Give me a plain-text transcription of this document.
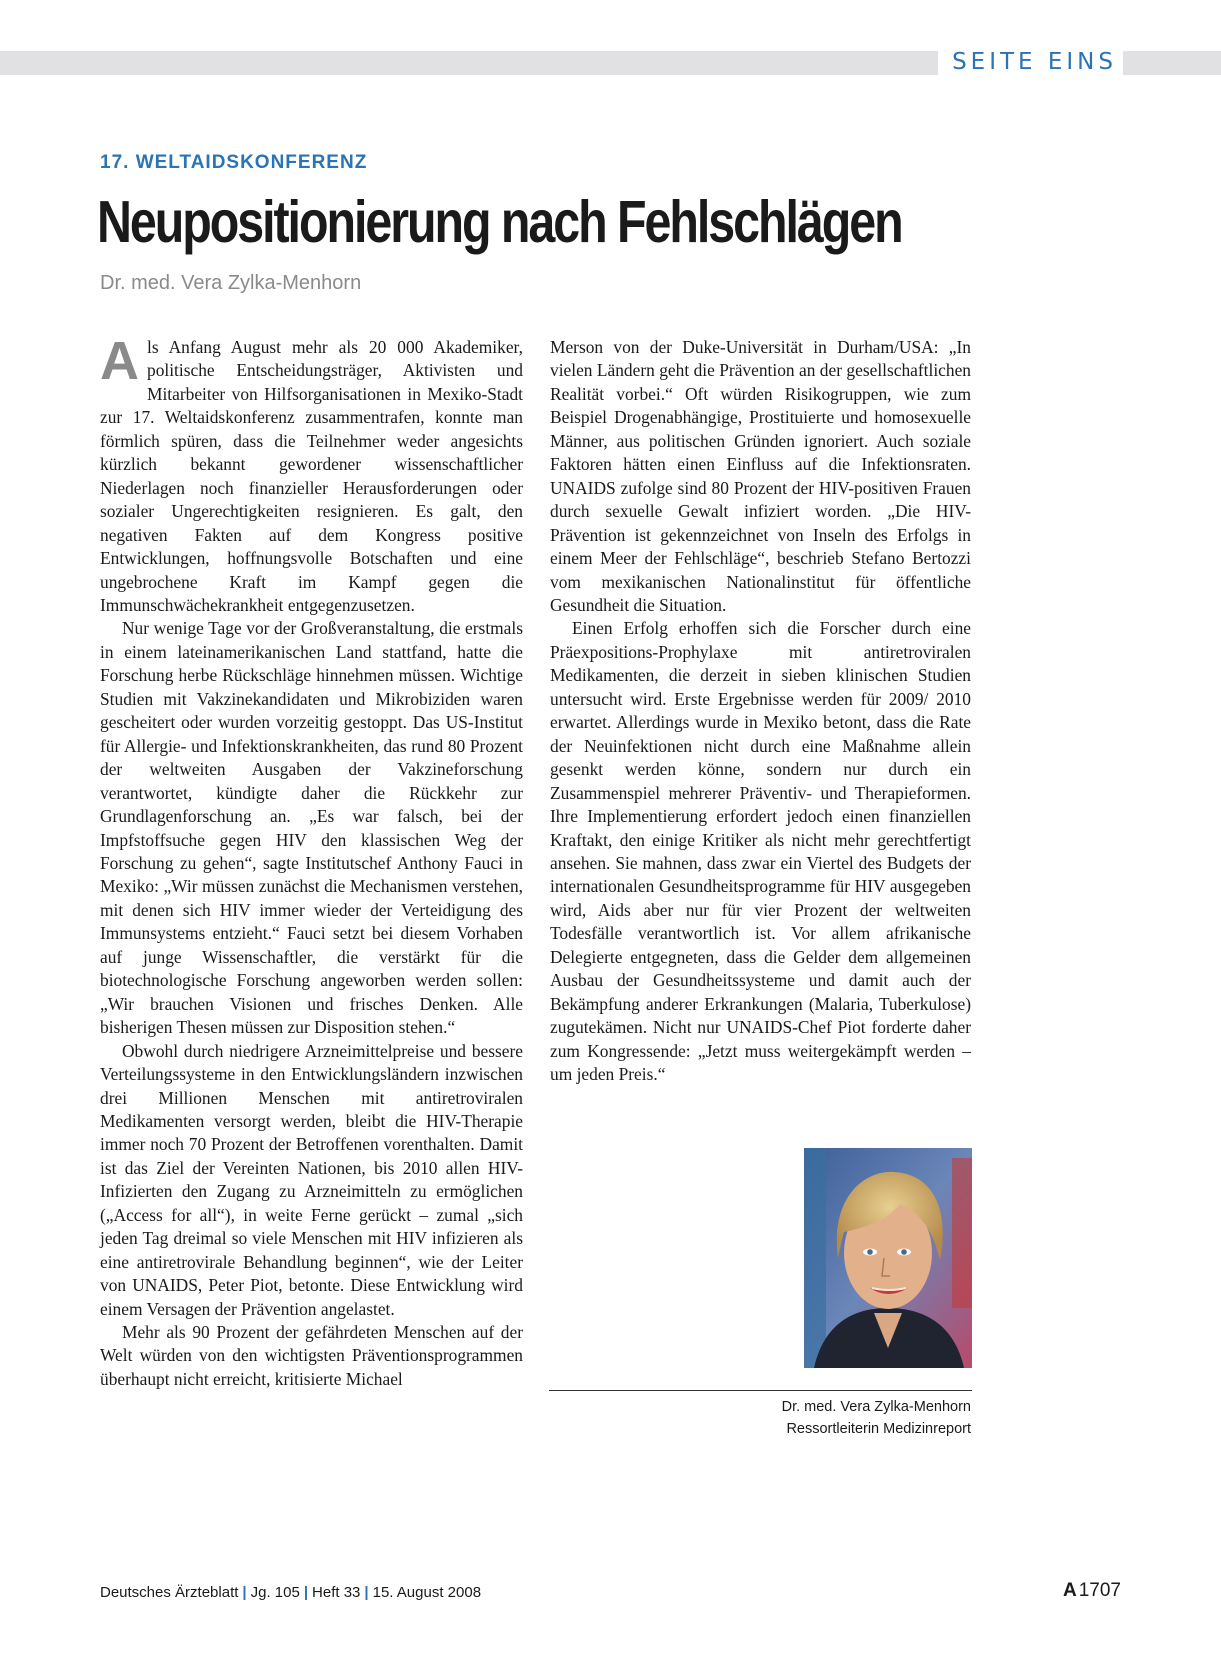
SEITE EINS
17. WELTAIDSKONFERENZ
Neupositionierung nach Fehlschlägen
Dr. med. Vera Zylka-Menhorn

Als Anfang August mehr als 20 000 Akademiker, politische Entscheidungsträger, Aktivisten und Mitarbeiter von Hilfsorganisationen in Mexiko-Stadt zur 17. Weltaidskonferenz zusammentrafen, konnte man förmlich spüren, dass die Teilnehmer weder angesichts kürzlich bekannt gewordener wissenschaftlicher Niederlagen noch finanzieller Herausforderungen oder sozialer Ungerechtigkeiten resignieren. Es galt, den negativen Fakten auf dem Kongress positive Entwicklungen, hoffnungsvolle Botschaften und eine ungebrochene Kraft im Kampf gegen die Immunschwächekrankheit entgegenzusetzen.

Nur wenige Tage vor der Großveranstaltung, die erstmals in einem lateinamerikanischen Land stattfand, hatte die Forschung herbe Rückschläge hinnehmen müssen. Wichtige Studien mit Vakzinekandidaten und Mikrobiziden waren gescheitert oder wurden vorzeitig gestoppt. Das US-Institut für Allergie- und Infektionskrankheiten, das rund 80 Prozent der weltweiten Ausgaben der Vakzineforschung verantwortet, kündigte daher die Rückkehr zur Grundlagenforschung an. „Es war falsch, bei der Impfstoffsuche gegen HIV den klassischen Weg der Forschung zu gehen“, sagte Institutschef Anthony Fauci in Mexiko: „Wir müssen zunächst die Mechanismen verstehen, mit denen sich HIV immer wieder der Verteidigung des Immunsystems entzieht.“ Fauci setzt bei diesem Vorhaben auf junge Wissenschaftler, die verstärkt für die biotechnologische Forschung angeworben werden sollen: „Wir brauchen Visionen und frisches Denken. Alle bisherigen Thesen müssen zur Disposition stehen.“

Obwohl durch niedrigere Arzneimittelpreise und bessere Verteilungssysteme in den Entwicklungsländern inzwischen drei Millionen Menschen mit antiretroviralen Medikamenten versorgt werden, bleibt die HIV-Therapie immer noch 70 Prozent der Betroffenen vorenthalten. Damit ist das Ziel der Vereinten Nationen, bis 2010 allen HIV-Infizierten den Zugang zu Arzneimitteln zu ermöglichen („Access for all“), in weite Ferne gerückt – zumal „sich jeden Tag dreimal so viele Menschen mit HIV infizieren als eine antiretrovirale Behandlung beginnen“, wie der Leiter von UNAIDS, Peter Piot, betonte. Diese Entwicklung wird einem Versagen der Prävention angelastet.

Mehr als 90 Prozent der gefährdeten Menschen auf der Welt würden von den wichtigsten Präventionsprogrammen überhaupt nicht erreicht, kritisierte Michael

Merson von der Duke-Universität in Durham/USA: „In vielen Ländern geht die Prävention an der gesellschaftlichen Realität vorbei.“ Oft würden Risikogruppen, wie zum Beispiel Drogenabhängige, Prostituierte und homosexuelle Männer, aus politischen Gründen ignoriert. Auch soziale Faktoren hätten einen Einfluss auf die Infektionsraten. UNAIDS zufolge sind 80 Prozent der HIV-positiven Frauen durch sexuelle Gewalt infiziert worden. „Die HIV-Prävention ist gekennzeichnet von Inseln des Erfolgs in einem Meer der Fehlschläge“, beschrieb Stefano Bertozzi vom mexikanischen Nationalinstitut für öffentliche Gesundheit die Situation.

Einen Erfolg erhoffen sich die Forscher durch eine Präexpositions-Prophylaxe mit antiretroviralen Medikamenten, die derzeit in sieben klinischen Studien untersucht wird. Erste Ergebnisse werden für 2009/ 2010 erwartet. Allerdings wurde in Mexiko betont, dass die Rate der Neuinfektionen nicht durch eine Maßnahme allein gesenkt werden könne, sondern nur durch ein Zusammenspiel mehrerer Präventiv- und Therapieformen. Ihre Implementierung erfordert jedoch einen finanziellen Kraftakt, den einige Kritiker als nicht mehr gerechtfertigt ansehen. Sie mahnen, dass zwar ein Viertel des Budgets der internationalen Gesundheitsprogramme für HIV ausgegeben wird, Aids aber nur für vier Prozent der weltweiten Todesfälle verantwortlich ist. Vor allem afrikanische Delegierte entgegneten, dass die Gelder dem allgemeinen Ausbau der Gesundheitssysteme und damit auch der Bekämpfung anderer Erkrankungen (Malaria, Tuberkulose) zugutekämen. Nicht nur UNAIDS-Chef Piot forderte daher zum Kongressende: „Jetzt muss weitergekämpft werden – um jeden Preis.“

Dr. med. Vera Zylka-Menhorn
Ressortleiterin Medizinreport
Deutsches Ärzteblatt | Jg. 105 | Heft 33 | 15. August 2008	A 1707
